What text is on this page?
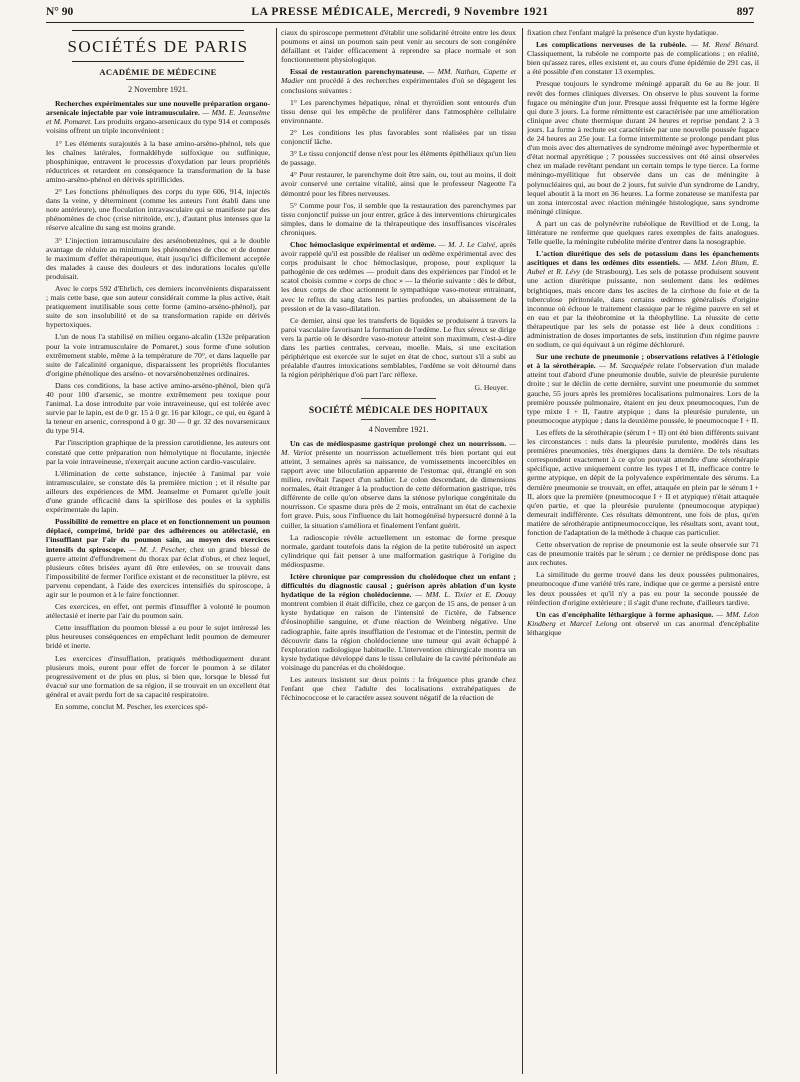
N° 90	LA PRESSE MÉDICALE, Mercredi, 9 Novembre 1921	897
SOCIÉTÉS DE PARIS
ACADÉMIE DE MÉDECINE
2 Novembre 1921.

Recherches expérimentales sur une nouvelle préparation organo-arsenicale injectable par voie intramusculaire. — MM. E. Jeanselme et M. Pomaret. Les produits organo-arsenicaux du type 914 et composés voisins offrent un triple inconvénient :

1° Les éléments surajoutés à la base amino-arséno-phénol, tels que les chaînes latérales, formaldéhyde sulfoxique ou sulfinique, phosphinique, entravent le processus d'oxydation par leurs propriétés réductrices et retardent en conséquence la transformation de la base amino-arséno-phénol en dérivés spirillicides.

2° Les fonctions phénoliques des corps du type 606, 914, injectés dans la veine, y déterminent (comme les auteurs l'ont établi dans une note antérieure), une floculation intravasculaire qui se manifeste par des phénomènes de choc (crise nitritoïde, etc.), d'autant plus intenses que la réserve alcaline du sang est moins grande.

3° L'injection intramusculaire des arsénobenzènes, qui a le double avantage de réduire au minimum les phénomènes de choc et de donner le maximum d'effet thérapeutique, était jusqu'ici difficilement acceptée des malades à cause des douleurs et des indurations locales qu'elle produisait.

Avec le corps 592 d'Ehrlich, ces derniers inconvénients disparaissent ; mais cette base, que son auteur considérait comme la plus active, était pratiquement inutilisable sous cette forme (amino-arséno-phénol), par suite de son insolubilité et de sa transformation rapide en dérivés hypertoxiques.

L'un de nous l'a stabilisé en milieu organo-alcalin (132e préparation pour la voie intramusculaire de Pomaret,) sous forme d'une solution extrêmement stable, même à la température de 70°, et dans laquelle par suite de l'alcalinité organique, disparaissent les propriétés floculantes d'origine phénolique des arséno- et novarsénobenzènes ordinaires.

Dans ces conditions, la base active amino-arséno-phénol, bien qu'à 40 pour 100 d'arsenic, se montre extrêmement peu toxique pour l'animal. La dose introduite par voie intraveineuse, qui est tolérée avec survie par le lapin, est de 0 gr. 15 à 0 gr. 16 par kilogr., ce qui, eu égard à la teneur en arsenic, correspond à 0 gr. 30 — 0 gr. 32 des novarsenicaux du type 914.

Par l'inscription graphique de la pression carotidienne, les auteurs ont constaté que cette préparation non hémolytique ni floculante, injectée par la voie intraveineuse, n'exerçait aucune action cardio-vasculaire.

L'élimination de cette substance, injectée à l'animal par voie intramusculaire, se constate dès la première miction ; et il résulte par ailleurs des expériences de MM. Jeanselme et Pomaret qu'elle jouit d'une grande efficacité dans la spirillose des poules et la syphilis expérimentale du lapin.

Possibilité de remettre en place et en fonctionnement un poumon déplacé, comprimé, bridé par des adhérences ou atélectasié, en l'insufflant par l'air du poumon sain, au moyen des exercices intensifs du spiroscope. — M. J. Pescher, chez un grand blessé de guerre atteint d'effondrement du thorax par éclat d'obus, et chez lequel, plusieurs côtes brisées ayant dû être enlevées, on se trouvait dans l'impossibilité de fermer l'orifice existant et de reconstituer la plèvre, est parvenu cependant, à l'aide des exercices intensifiés du spiroscope, à agir sur le poumon et à le faire fonctionner.

Ces exercices, en effet, ont permis d'insuffler à volonté le poumon atélectasié et inerte par l'air du poumon sain.

Cette insufflation du poumon blessé a eu pour le sujet intéressé les plus heureuses conséquences en empêchant ledit poumon de demeurer bridé et inerte.

Les exercices d'insufflation, pratiqués méthodiquement durant plusieurs mois, eurent pour effet de forcer le poumon à se dilater progressivement et de plus en plus, si bien que, lorsque le blessé fut évacué sur une formation de sa région, il se trouvait en un excellent état général et avait perdu fort de sa capacité respiratoire.

En somme, conclut M. Pescher, les exercices spé-

ciaux du spiroscope permettent d'établir une solidarité étroite entre les deux poumons et ainsi un poumon sain peut venir au secours de son congénère défaillant et l'aider efficacement à reprendre sa place normale et son fonctionnement physiologique.

Essai de restauration parenchymateuse. — MM. Nathan, Capette et Madier ont procédé à des recherches expérimentales d'où se dégagent les conclusions suivantes :

1° Les parenchymes hépatique, rénal et thyroïdien sont entourés d'un tissu dense qui les empêche de proliférer dans l'atmosphère cellulaire environnante.

2° Les conditions les plus favorables sont réalisées par un tissu conjonctif lâche.

3° Le tissu conjonctif dense n'est pour les éléments épithéliaux qu'un lieu de passage.

4° Pour restaurer, le parenchyme doit être sain, ou, tout au moins, il doit avoir conservé une certaine vitalité, ainsi que le professeur Nageotte l'a démontré pour les fibres nerveuses.

5° Comme pour l'os, il semble que la restauration des parenchymes par tissu conjonctif puisse un jour entrer, grâce à des interventions chirurgicales simples, dans le domaine de la thérapeutique des insuffisances viscérales chroniques.

Choc hémoclasique expérimental et œdème. — M. J. Le Calvé, après avoir rappelé qu'il est possible de réaliser un œdème expérimental avec des corps produisant le choc hémoclasique, propose, pour expliquer la pathogénie de ces œdèmes — produit dans des expériences par l'indol et le scatol choisis comme « corps de choc » — la théorie suivante : dès le début, les deux corps de choc actionnent le sympathique vaso-moteur entrainant, avec le reflux du sang dans les parties profondes, un abaissement de la pression et de la vaso-dilatation.

Ce dernier, ainsi que les transferts de liquides se produisent à travers la paroi vasculaire favorisant la formation de l'œdème. Le flux séreux se dirige vers la partie où le désordre vaso-moteur atteint son maximum, c'est-à-dire dans les parties centrales, cerveau, moelle. Mais, si une excitation périphérique est exercée sur le sujet en état de choc, surtout s'il a subi au préalable d'autres intoxications semblables, l'œdème se voit détourné dans la région périphérique d'où part l'arc réflexe.

G. Heuyer.

SOCIÉTÉ MÉDICALE DES HOPITAUX
4 Novembre 1921.

Un cas de médiospasme gastrique prolongé chez un nourrisson. — M. Variot présente un nourrisson actuellement très bien portant qui eut atteint, 3 semaines après sa naissance, de vomissements incoercibles en rapport avec une biloculation apparente de l'estomac qui, étranglé en son milieu, revêtait l'aspect d'un sablier. Le colon descendant, de dimensions normales, était étranger à la production de cette déformation gastrique, très différente de celle qu'on observe dans la sténose pylorique congénitale du nourrisson. Ce spasme dura près de 2 mois, entraînant un état de cachexie fort grave. Puis, sous l'influence du lait homogénéisé hypersucré donné à la cuiller, la situation s'améliora et finalement l'enfant guérit.

La radioscopie révèle actuellement un estomac de forme presque normale, gardant toutefois dans la région de la petite tubérosité un aspect cylindrique qui fait penser à une malformation gastrique à l'origine du médiospasme.

Ictère chronique par compression du cholédoque chez un enfant ; difficultés du diagnostic causal ; guérison après ablation d'un kyste hydatique de la région cholédocienne. — MM. L. Tixier et E. Douay montrent combien il était difficile, chez ce garçon de 15 ans, de penser à un kyste hydatique en raison de l'intensité de l'ictère, de l'absence d'éosinophilie sanguine, et d'une réaction de Weinberg négative. Une radiographie, faite après insufflation de l'estomac et de l'intestin, permit de découvrir dans la région cholédocienne une tumeur qui avait échappé à l'exploration radiologique habituelle. L'intervention chirurgicale montra un kyste hydatique développé dans le tissu cellulaire de la cavité péritonéale au voisinage du pancréas et du cholédoque.

Les auteurs insistent sur deux points : la fréquence plus grande chez l'enfant que chez l'adulte des localisations extrahépatiques de l'échinococcose et le caractère assez souvent négatif de la réaction de

fixation chez l'enfant malgré la présence d'un kyste hydatique.

Les complications nerveuses de la rubéole. — M. René Bénard. Classiquement, la rubéole ne comporte pas de complications ; en réalité, bien qu'assez rares, elles existent et, au cours d'une épidémie de 291 cas, il a été possible d'en constater 13 exemples.

Presque toujours le syndrome méningé apparaît du 6e au 8e jour. Il revêt des formes cliniques diverses. On observe le plus souvent la forme fugace ou méningite d'un jour. Presque aussi fréquente est la forme légère qui dure 3 jours. La forme rémittente est caractérisée par une amélioration clinique avec chute thermique durant 24 heures et reprise pendant 2 à 3 jours. La forme à rechute est caractérisée par une nouvelle poussée fugace de 24 heures au 25e jour. La forme intermittente se prolonge pendant plus d'un mois avec des alternatives de syndrome méningé avec hyperthermie et d'état normal apyrétique ; 7 poussées successives ont été ainsi observées chez un malade revêtant pendant un certain temps le type tierce. La forme méningo-myélitique fut observée dans un cas de méningite à polynucléaires qui, au bout de 2 jours, fut suivie d'un syndrome de Landry, lequel aboutit à la mort en 36 heures. La forme zonateuse se manifesta par un zona intercostal avec réaction méningée histologique, sans syndrome méningé clinique.

A part un cas de polynévrite rubéolique de Revilliod et de Long, la littérature ne renferme que quelques rares exemples de faits analogues. Telle quelle, la méningite rubéolite mérite d'entrer dans la nosographie.

L'action diurétique des sels de potassium dans les épanchements ascitiques et dans les œdèmes dits essentiels. — MM. Léon Blum, E. Aubel et R. Lévy (de Strasbourg). Les sels de potasse produisent souvent une action diurétique puissante, non seulement dans les œdèmes brightiques, mais encore dans les ascites de la cirrhose du foie et de la tuberculose péritonéale, dans certains œdèmes généralisés d'origine inconnue où échoue le traitement classique par le régime pauvre en sel et en eau et par la théobromine et la théophylline. La réussite de cette thérapeutique par les sels de potasse est liée à deux conditions : administration de doses importantes de sels, institution d'un régime pauvre en sodium, ce qui équivaut à un régime déchloruré.

Sur une rechute de pneumonie ; observations relatives à l'étiologie et à la sérothérapie. — M. Sacquépée relate l'observation d'un malade atteint tout d'abord d'une pneumonie double, suivie de pleurésie purulente droite ; sur le déclin de cette dernière, survint une pneumonie du sommet gauche, 55 jours après les premières localisations pulmonaires. Lors de la première poussée pulmonaire, étaient en jeu deux pneumocoques, l'un de type mixte I + II, l'autre atypique ; dans la pleurésie purulente, un pneumocoque atypique ; dans la deuxième poussée, le pneumocoque I + II.

Les effets de la sérothérapie (sérum I + II) ont été bien différents suivant les circonstances : nuls dans la pleurésie purulente, modérés dans les premières pneumonies, très énergiques dans la dernière. De tels résultats correspondent exactement à ce qu'on pouvait attendre d'une sérothérapie spécifique, active uniquement contre les types I et II, inefficace contre le germe atypique, en dépit de la polyvalence expérimentale des sérums. La dernière pneumonie se trouvait, en effet, attaquée en plein par le sérum I + II, alors que la première (pneumocoque I + II et atypique) n'était attaquée qu'en partie, et que la pleurésie purulente (pneumocoque atypique) demeurait indifférente. Ces résultats démontrent, une fois de plus, qu'en matière de sérothérapie antipneumococcique, les résultats sont, avant tout, fonction de l'adaptation de la méthode à chaque cas particulier.

Cette observation de reprise de pneumonie est la seule observée sur 71 cas de pneumonie traités par le sérum ; ce dernier ne prédispose donc pas aux rechutes.

La similitude du germe trouvé dans les deux poussées pulmonaires, pneumocoque d'une variété très rare, indique que ce germe a persisté entre les deux poussées et qu'il n'y a pas eu pour la seconde poussée de réinfection d'origine extérieure ; il s'agit d'une rechute, d'ailleurs tardive.

Un cas d'encéphalite léthargique à forme aphasique. — MM. Léon Kindberg et Marcel Lelong ont observé un cas anormal d'encéphalite léthargique
